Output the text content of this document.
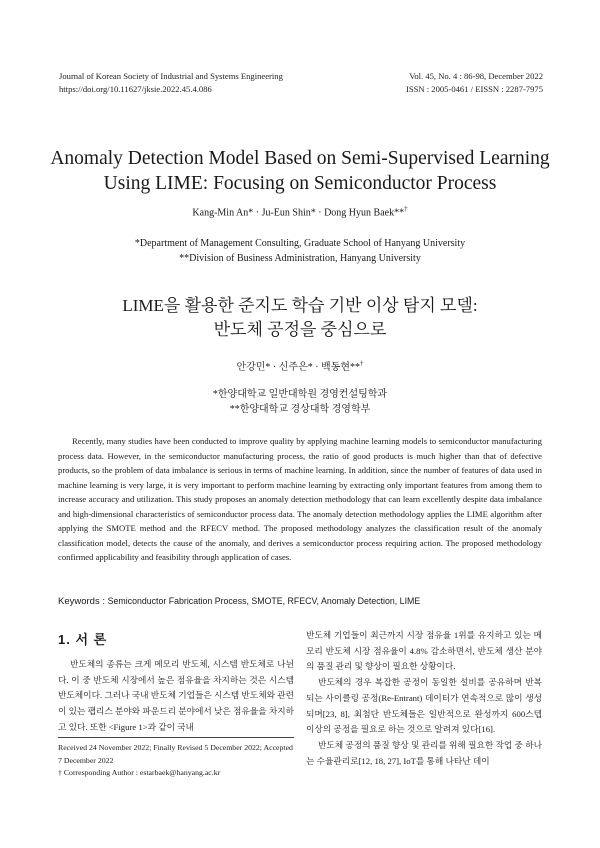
Journal of Korean Society of Industrial and Systems Engineering
https://doi.org/10.11627/jksie.2022.45.4.086
Vol. 45, No. 4 : 86-98, December 2022
ISSN : 2005-0461 / EISSN : 2287-7975
Anomaly Detection Model Based on Semi-Supervised Learning
Using LIME: Focusing on Semiconductor Process
Kang-Min An* · Ju-Eun Shin* · Dong Hyun Baek**†
*Department of Management Consulting, Graduate School of Hanyang University
**Division of Business Administration, Hanyang University
LIME을 활용한 준지도 학습 기반 이상 탐지 모델:
반도체 공정을 중심으로
안강민* · 신주은* · 백동현**†
*한양대학교 일반대학원 경영컨설팅학과
**한양대학교 경상대학 경영학부

Recently, many studies have been conducted to improve quality by applying machine learning models to semiconductor manufacturing process data. However, in the semiconductor manufacturing process, the ratio of good products is much higher than that of defective products, so the problem of data imbalance is serious in terms of machine learning. In addition, since the number of features of data used in machine learning is very large, it is very important to perform machine learning by extracting only important features from among them to increase accuracy and utilization. This study proposes an anomaly detection methodology that can learn excellently despite data imbalance and high-dimensional characteristics of semiconductor process data. The anomaly detection methodology applies the LIME algorithm after applying the SMOTE method and the RFECV method. The proposed methodology analyzes the classification result of the anomaly classification model, detects the cause of the anomaly, and derives a semiconductor process requiring action. The proposed methodology confirmed applicability and feasibility through application of cases.

Keywords : Semiconductor Fabrication Process, SMOTE, RFECV, Anomaly Detection, LIME
1. 서 론

반도체의 종류는 크게 메모리 반도체, 시스템 반도체로 나뉜다. 이 중 반도체 시장에서 높은 점유율을 차지하는 것은 시스템 반도체이다. 그러나 국내 반도체 기업들은 시스템 반도체와 관련이 있는 팹리스 분야와 파운드리 분야에서 낮은 점유율을 차지하고 있다. 또한 <Figure 1>과 같이 국내

Received 24 November 2022; Finally Revised 5 December 2022; Accepted 7 December 2022
† Corresponding Author : estarbaek@hanyang.ac.kr

반도체 기업들이 최근까지 시장 점유율 1위를 유지하고 있는 메모리 반도체 시장 점유율이 4.8% 감소하면서, 반도체 생산 분야의 품질 관리 및 향상이 필요한 상황이다.

반도체의 경우 복잡한 공정이 동일한 설비를 공유하며 반복되는 사이클링 공정(Re-Entrant) 데이터가 연속적으로 많이 생성되며[23, 8], 최첨단 반도체들은 일반적으로 완성까지 600스텝 이상의 공정을 필요로 하는 것으로 알려져 있다[16].

반도체 공정의 품질 향상 및 관리를 위해 필요한 작업 중 하나는 수율관리로[12, 18, 27], IoT를 통해 나타난 데이
